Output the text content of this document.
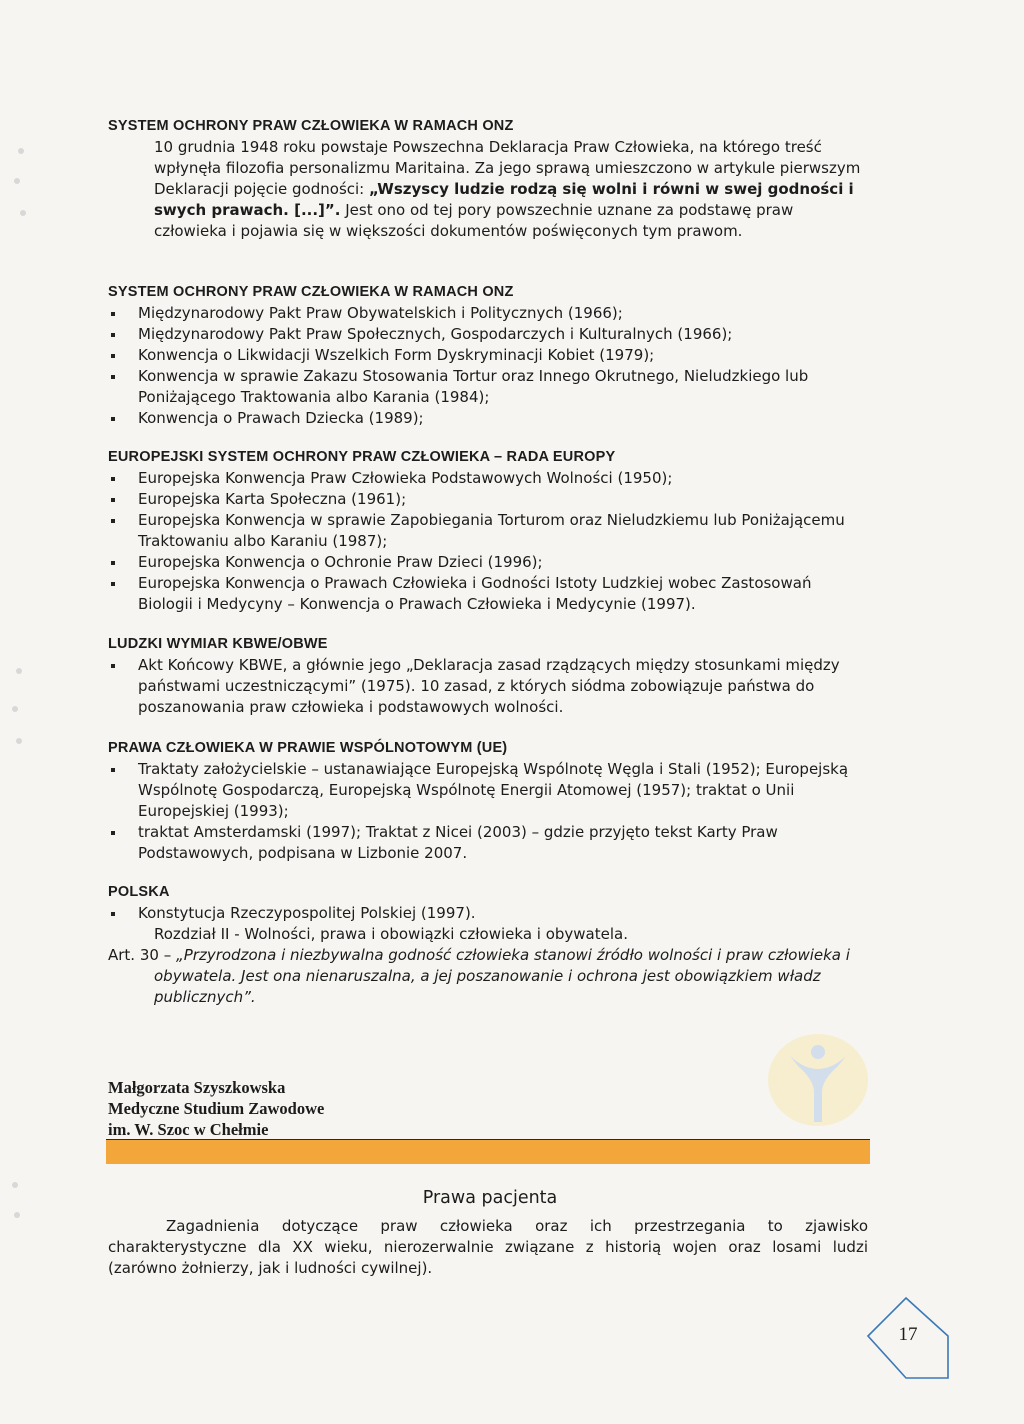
SYSTEM OCHRONY PRAW CZŁOWIEKA W RAMACH ONZ

10 grudnia 1948 roku powstaje Powszechna Deklaracja Praw Człowieka, na którego treść wpłynęła filozofia personalizmu Maritaina. Za jego sprawą umieszczono w artykule pierwszym Deklaracji pojęcie godności: „Wszyscy ludzie rodzą się wolni i równi w swej godności i swych prawach. [...]”. Jest ono od tej pory powszechnie uznane za podstawę praw człowieka i pojawia się w większości dokumentów poświęconych tym prawom.

SYSTEM OCHRONY PRAW CZŁOWIEKA W RAMACH ONZ
Międzynarodowy Pakt Praw Obywatelskich i Politycznych (1966);
Międzynarodowy Pakt Praw Społecznych, Gospodarczych i Kulturalnych (1966);
Konwencja o Likwidacji Wszelkich Form Dyskryminacji Kobiet (1979);
Konwencja w sprawie Zakazu Stosowania Tortur oraz Innego Okrutnego, Nieludzkiego lub Poniżającego Traktowania albo Karania (1984);
Konwencja o Prawach Dziecka (1989);
EUROPEJSKI SYSTEM OCHRONY PRAW CZŁOWIEKA – RADA EUROPY
Europejska Konwencja Praw Człowieka Podstawowych Wolności (1950);
Europejska Karta Społeczna (1961);
Europejska Konwencja w sprawie Zapobiegania Torturom oraz Nieludzkiemu lub Poniżającemu Traktowaniu albo Karaniu (1987);
Europejska Konwencja o Ochronie Praw Dzieci (1996);
Europejska Konwencja o Prawach Człowieka i Godności Istoty Ludzkiej wobec Zastosowań Biologii i Medycyny – Konwencja o Prawach Człowieka i Medycynie (1997).
LUDZKI WYMIAR KBWE/OBWE
Akt Końcowy KBWE, a głównie jego „Deklaracja zasad rządzących między stosunkami między państwami uczestniczącymi” (1975). 10 zasad, z których siódma zobowiązuje państwa do poszanowania praw człowieka i podstawowych wolności.
PRAWA CZŁOWIEKA W PRAWIE WSPÓLNOTOWYM (UE)
Traktaty założycielskie – ustanawiające Europejską Wspólnotę Węgla i Stali (1952); Europejską Wspólnotę Gospodarczą, Europejską Wspólnotę Energii Atomowej (1957); traktat o Unii Europejskiej (1993);
traktat Amsterdamski (1997); Traktat z Nicei (2003) – gdzie przyjęto tekst Karty Praw Podstawowych, podpisana w Lizbonie 2007.
POLSKA
Konstytucja Rzeczypospolitej Polskiej (1997).

Rozdział II - Wolności, prawa i obowiązki człowieka i obywatela.

Art. 30 – „Przyrodzona i niezbywalna godność człowieka stanowi źródło wolności i praw człowieka i obywatela. Jest ona nienaruszalna, a jej poszanowanie i ochrona jest obowiązkiem władz publicznych”.

Małgorzata Szyszkowska
Medyczne Studium Zawodowe
im. W. Szoc w Chełmie
Prawa pacjenta

Zagadnienia dotyczące praw człowieka oraz ich przestrzegania to zjawisko charakterystyczne dla XX wieku, nierozerwalnie związane z historią wojen oraz losami ludzi (zarówno żołnierzy, jak i ludności cywilnej).

17
